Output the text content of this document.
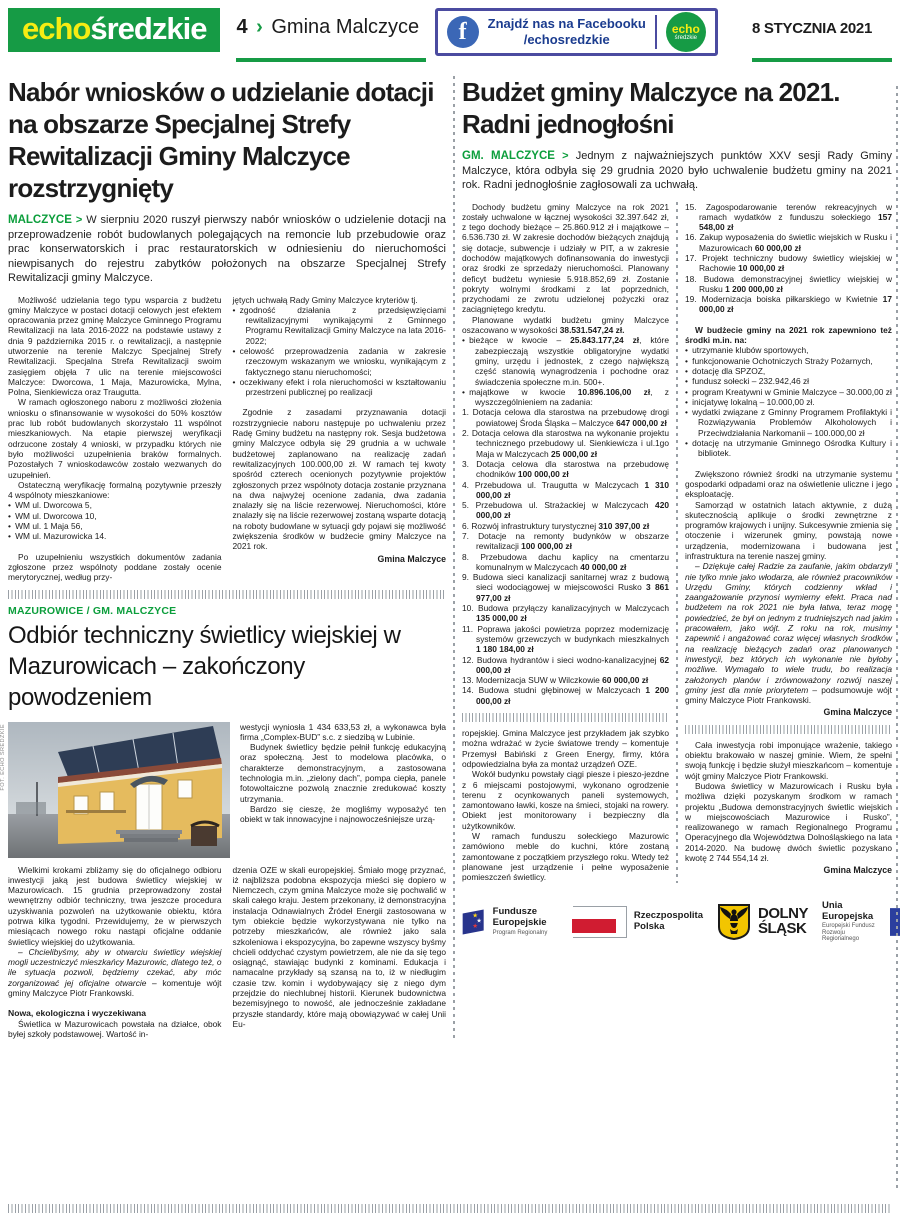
echośredzkie 4 › Gmina Malczyce	f Znajdź nas na Facebooku
/echosredzkie
echo
średzkie
8 STYCZNIA 2021
Nabór wniosków o udzielanie dotacji na obszarze Specjalnej Strefy Rewitalizacji Gminy Malczyce rozstrzygnięty

MALCZYCE > W sierpniu 2020 ruszył pierwszy nabór wniosków o udzielenie dotacji na przeprowadzenie robót budowlanych polegających na remoncie lub przebudowie oraz prac konserwatorskich i prac restauratorskich w odniesieniu do nieruchomości niewpisanych do rejestru zabytków położonych na obszarze Specjalnej Strefy Rewitalizacji gminy Malczyce.

Możliwość udzielania tego typu wsparcia z budżetu gminy Malczyce w postaci dotacji celowych jest efektem opracowania przez gminę Malczyce Gminnego Programu Rewitalizacji na lata 2016-2022 na podstawie ustawy z dnia 9 października 2015 r. o rewitalizacji, a następnie utworzenie na terenie Malczyc Specjalnej Strefy Rewitalizacji. Specjalna Strefa Rewitalizacji swoim zasięgiem objęła 7 ulic na terenie miejscowości Malczyce: Dworcowa, 1 Maja, Mazurowicka, Mylna, Polna, Sienkiewicza oraz Traugutta.

W ramach ogłoszonego naboru z możliwości złożenia wniosku o sfinansowanie w wysokości do 50% kosztów prac lub robót budowlanych skorzystało 11 wspólnot mieszkaniowych. Na etapie pierwszej weryfikacji odrzucone zostały 4 wnioski, w przypadku których nie było możliwości uzupełnienia braków formalnych. Pozostałych 7 wnioskodawców zostało wezwanych do uzupełnień.

Ostateczną weryfikację formalną pozytywnie przeszły 4 wspólnoty mieszkaniowe:

• WM ul. Dworcowa 5,

• WM ul. Dworcowa 10,

• WM ul. 1 Maja 56,

• WM ul. Mazurowicka 14.

Po uzupełnieniu wszystkich dokumentów zadania zgłoszone przez wspólnoty poddane zostały ocenie merytorycznej, według przy-

jętych uchwałą Rady Gminy Malczyce kryteriów tj.

• zgodność działania z przedsięwzięciami rewitalizacyjnymi wynikającymi z Gminnego Programu Rewitalizacji Gminy Malczyce na lata 2016-2022;

• celowość przeprowadzenia zadania w zakresie rzeczowym wskazanym we wniosku, wynikającym z faktycznego stanu nieruchomości;

• oczekiwany efekt i rola nieruchomości w kształtowaniu przestrzeni publicznej po realizacji

Zgodnie z zasadami przyznawania dotacji rozstrzygniecie naboru następuje po uchwaleniu przez Radę Gminy budżetu na następny rok. Sesja budżetowa gminy Malczyce odbyła się 29 grudnia a w uchwale budżetowej zaplanowano na realizację zadań rewitalizacyjnych 100.000,00 zł. W ramach tej kwoty spośród czterech ocenionych pozytywnie projektów zgłoszonych przez wspólnoty dotacja zostanie przyznana na dwa najwyżej ocenione zadania, dwa zadania znalazły się na liście rezerwowej. Nieruchomości, które znalazły się na liście rezerwowej zostaną wsparte dotacją na roboty budowlane w sytuacji gdy pojawi się możliwość zwiększenia środków w budżecie gminy Malczyce na 2021 rok.

Gmina Malczyce

MAZUROWICE / GM. MALCZYCE
Odbiór techniczny świetlicy wiejskiej w Mazurowicach – zakończony powodzeniem
FOT. ECHO ŚREDZKIE	westycji wyniosła 1 434 633,53 zł, a wykonawca była firma „Complex-BUD” s.c. z siedzibą w Lubinie.

Budynek świetlicy będzie pełnił funkcję edukacyjną oraz społeczną. Jest to modelowa placówka, o charakterze demonstracyjnym, a zastosowana technologia m.in. „zielony dach”, pompa ciepła, panele fotowoltaiczne pozwolą znacznie zredukować koszty utrzymania.

Bardzo się cieszę, że mogliśmy wyposażyć ten obiekt w tak innowacyjne i najnowocześniejsze urzą-

Wielkimi krokami zbliżamy się do oficjalnego odbioru inwestycji jaką jest budowa świetlicy wiejskiej w Mazurowicach. 15 grudnia przeprowadzony został wewnętrzny odbiór techniczny, trwa jeszcze procedura uzyskiwania pozwoleń na użytkowanie obiektu, która potrwa kilka tygodni. Przewidujemy, że w pierwszych miesiącach nowego roku nastąpi oficjalne oddanie świetlicy wiejskiej do użytkowania.

– Chcielibyśmy, aby w otwarciu świetlicy wiejskiej mogli uczestniczyć mieszkańcy Mazurowic, dlatego też, o ile sytuacja pozwoli, będziemy czekać, aby móc zorganizować jej oficjalne otwarcie – komentuje wójt gminy Malczyce Piotr Frankowski.

Nowa, ekologiczna i wyczekiwana

Świetlica w Mazurowicach powstała na działce, obok byłej szkoły podstawowej. Wartość in-

dzenia OZE w skali europejskiej. Śmiało mogę przyznać, iż najbliższa podobna ekspozycja mieści się dopiero w Niemczech, czym gmina Malczyce może się pochwalić w skali całego kraju. Jestem przekonany, iż demonstracyjna instalacja Odnawialnych Źródeł Energii zastosowana w tym obiekcie będzie wykorzystywana nie tylko na potrzeby mieszkańców, ale również jako sala szkoleniowa i ekspozycyjna, bo zapewne wszyscy byśmy chcieli oddychać czystym powietrzem, ale nie da się tego osiągnąć, stawiając budynki z kominami. Edukacja i namacalne przykłady są szansą na to, iż w niedługim czasie tzw. komin i wydobywający się z niego dym przejdzie do niechlubnej historii. Kierunek budownictwa bezemisyjnego to nowość, ale jednocześnie zakładane przyszłe standardy, które mają obowiązywać w całej Unii Eu-

Budżet gminy Malczyce na 2021. Radni jednogłośni

GM. MALCZYCE > Jednym z najważniejszych punktów XXV sesji Rady Gminy Malczyce, która odbyła się 29 grudnia 2020 było uchwalenie budżetu gminy na 2021 rok. Radni jednogłośnie zagłosowali za uchwałą.

Dochody budżetu gminy Malczyce na rok 2021 zostały uchwalone w łącznej wysokości 32.397.642 zł, z tego dochody bieżące – 25.860.912 zł i majątkowe – 6.536.730 zł. W zakresie dochodów bieżących znajdują się dotacje, subwencje i udziały w PIT, a w zakresie dochodów majątkowych dofinansowania do inwestycji oraz środki ze sprzedaży nieruchomości. Planowany deficyt budżetu wyniesie 5.918.852,69 zł. Zostanie pokryty wolnymi środkami z lat poprzednich, przychodami ze zwrotu udzielonej pożyczki oraz zaciągniętego kredytu.

Planowane wydatki budżetu gminy Malczyce oszacowano w wysokości 38.531.547,24 zł.

• bieżące w kwocie – 25.843.177,24 zł, które zabezpieczają wszystkie obligatoryjne wydatki gminy, urzędu i jednostek, z czego największą część stanowią wynagrodzenia i pochodne oraz świadczenia społeczne m.in. 500+.

• majątkowe w kwocie 10.896.106,00 zł, z wyszczególnieniem na zadania:

1. Dotacja celowa dla starostwa na przebudowę drogi powiatowej Środa Śląska – Malczyce 647 000,00 zł

2. Dotacja celowa dla starostwa na wykonanie projektu technicznego przebudowy ul. Sienkiewicza i ul.1go Maja w Malczycach 25 000,00 zł

3. Dotacja celowa dla starostwa na przebudowę chodników 100 000,00 zł

4. Przebudowa ul. Traugutta w Malczycach 1 310 000,00 zł

5. Przebudowa ul. Strażackiej w Malczycach 420 000,00 zł

6. Rozwój infrastruktury turystycznej 310 397,00 zł

7. Dotacje na remonty budynków w obszarze rewitalizacji 100 000,00 zł

8. Przebudowa dachu kaplicy na cmentarzu komunalnym w Malczycach 40 000,00 zł

9. Budowa sieci kanalizacji sanitarnej wraz z budową sieci wodociągowej w miejscowości Rusko 3 861 977,00 zł

10. Budowa przyłączy kanalizacyjnych w Malczycach 135 000,00 zł

11. Poprawa jakości powietrza poprzez modernizację systemów grzewczych w budynkach mieszkalnych 1 180 184,00 zł

12. Budowa hydrantów i sieci wodno-kanalizacyjnej 62 000,00 zł

13. Modernizacja SUW w Wilczkowie 60 000,00 zł

14. Budowa studni głębinowej w Malczycach 1 200 000,00 zł

ropejskiej. Gmina Malczyce jest przykładem jak szybko można wdrażać w życie światowe trendy – komentuje Przemysł Babiński z Green Energy, firmy, która odpowiedzialna była za montaż urządzeń OZE.

Wokół budynku powstały ciągi piesze i pieszo-jezdne z 6 miejscami postojowymi, wykonano ogrodzenie terenu z ocynkowanych paneli systemowych, zamontowano ławki, kosze na śmieci, stojaki na rowery. Obiekt jest monitorowany i bezpieczny dla użytkowników.

W ramach funduszu sołeckiego Mazurowic zamówiono meble do kuchni, które zostaną zamontowane z początkiem przyszłego roku. Wtedy też planowane jest urządzenie i pełne wyposażenie pomieszczeń świetlicy.

15. Zagospodarowanie terenów rekreacyjnych w ramach wydatków z funduszu sołeckiego 157 548,00 zł

16. Zakup wyposażenia do świetlic wiejskich w Rusku i Mazurowicach 60 000,00 zł

17. Projekt techniczny budowy świetlicy wiejskiej w Rachowie 10 000,00 zł

18. Budowa demonstracyjnej świetlicy wiejskiej w Rusku 1 200 000,00 zł

19. Modernizacja boiska piłkarskiego w Kwietnie 17 000,00 zł

W budżecie gminy na 2021 rok zapewniono też środki m.in. na:

• utrzymanie klubów sportowych,

• funkcjonowanie Ochotniczych Straży Pożarnych,

• dotację dla SPZOZ,

• fundusz sołecki – 232.942,46 zł

• program Kreatywni w Gminie Malczyce – 30.000,00 zł

• inicjatywę lokalną – 10.000,00 zł.

• wydatki związane z Gminny Programem Profilaktyki i Rozwiązywania Problemów Alkoholowych i Przeciwdziałania Narkomanii – 100.000,00 zł

• dotację na utrzymanie Gminnego Ośrodka Kultury i bibliotek.

Zwiększono również środki na utrzymanie systemu gospodarki odpadami oraz na oświetlenie uliczne i jego eksploatację.

Samorząd w ostatnich latach aktywnie, z dużą skutecznością aplikuje o środki zewnętrzne z programów krajowych i unijny. Sukcesywnie zmienia się otoczenie i wizerunek gminy, powstają nowe urządzenia, modernizowana i budowana jest infrastruktura na terenie naszej gminy.

– Dziękuje całej Radzie za zaufanie, jakim obdarzyli nie tylko mnie jako włodarza, ale również pracowników Urzędu Gminy, których codzienny wkład i zaangażowanie przynosi wymierny efekt. Praca nad budżetem na rok 2021 nie była łatwa, teraz mogę powiedzieć, że był on jednym z trudniejszych nad jakim pracowałem, jako wójt. Z roku na rok, musimy zapewnić i angażować coraz więcej własnych środków na realizację bieżących zadań oraz planowanych inwestycji, bez których ich wykonanie nie byłoby możliwe. Wymagało to wiele trudu, bo realizacja założonych planów i zrównoważony rozwój naszej gminy jest dla mnie priorytetem – podsumowuje wójt gminy Malczyce Piotr Frankowski.

Gmina Malczyce

Cała inwestycja robi imponujące wrażenie, takiego obiektu brakowało w naszej gminie. Wiem, że spełni swoją funkcję i będzie służył mieszkańcom – komentuje wójt gminy Malczyce Piotr Frankowski.

Budowa świetlicy w Mazurowicach i Rusku była możliwa dzięki pozyskanym środkom w ramach projektu „Budowa demonstracyjnych świetlic wiejskich w miejscowościach Mazurowice i Rusko”, realizowanego w ramach Regionalnego Programu Operacyjnego dla Województwa Dolnośląskiego na lata 2014-2020. Na budowę dwóch świetlic pozyskano kwotę 2 744 554,14 zł.

Gmina Malczyce

★
★
★
Fundusze Europejskie
Program Regionalny
Rzeczpospolita
Polska
DOLNY
ŚLĄSK
Unia Europejska
Europejski Fundusz
Rozwoju Regionalnego
